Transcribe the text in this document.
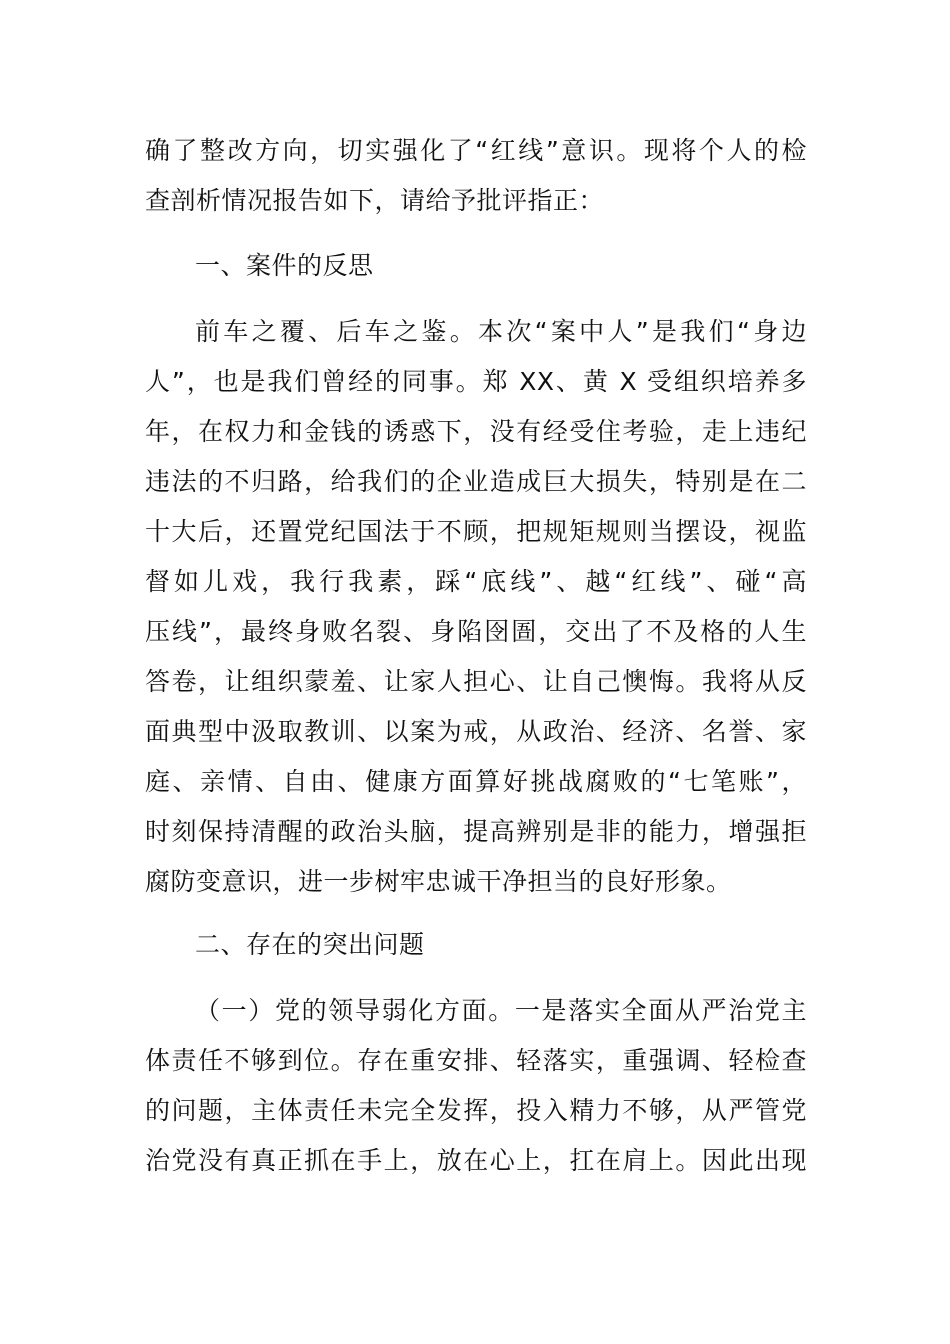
确了整改方向，切实强化了“红线”意识。现将个人的检
查剖析情况报告如下，请给予批评指正：
一、案件的反思
前车之覆、后车之鉴。本次“案中人”是我们“身边
人”，也是我们曾经的同事。郑 XX、黄 X 受组织培养多
年，在权力和金钱的诱惑下，没有经受住考验，走上违纪
违法的不归路，给我们的企业造成巨大损失，特别是在二
十大后，还置党纪国法于不顾，把规矩规则当摆设，视监
督如儿戏，我行我素，踩“底线”、越“红线”、碰“高
压线”，最终身败名裂、身陷囹圄，交出了不及格的人生
答卷，让组织蒙羞、让家人担心、让自己懊悔。我将从反
面典型中汲取教训、以案为戒，从政治、经济、名誉、家
庭、亲情、自由、健康方面算好挑战腐败的“七笔账”，
时刻保持清醒的政治头脑，提高辨别是非的能力，增强拒
腐防变意识，进一步树牢忠诚干净担当的良好形象。
二、存在的突出问题
（一）党的领导弱化方面。一是落实全面从严治党主
体责任不够到位。存在重安排、轻落实，重强调、轻检查
的问题，主体责任未完全发挥，投入精力不够，从严管党
治党没有真正抓在手上，放在心上，扛在肩上。因此出现
